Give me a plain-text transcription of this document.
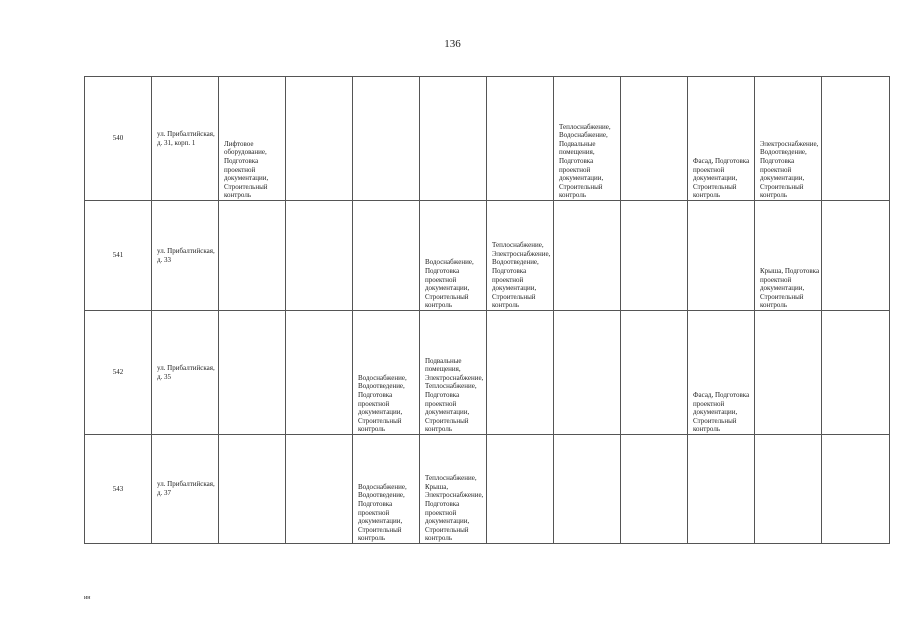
136
540	ул. Прибалтийская, д. 31, корп. 1	Лифтовое оборудование, Подготовка проектной документации, Строительный контроль					Теплоснабжение, Водоснабжение, Подвальные помещения, Подготовка проектной документации, Строительный контроль		Фасад, Подготовка проектной документации, Строительный контроль	Электроснабжение, Водоотведение, Подготовка проектной документации, Строительный контроль	
541	ул. Прибалтийская, д. 33				Водоснабжение, Подготовка проектной документации, Строительный контроль	Теплоснабжение, Электроснабжение, Водоотведение, Подготовка проектной документации, Строительный контроль				Крыша, Подготовка проектной документации, Строительный контроль	
542	ул. Прибалтийская, д. 35			Водоснабжение, Водоотведение, Подготовка проектной документации, Строительный контроль	Подвальные помещения, Электроснабжение, Теплоснабжение, Подготовка проектной документации, Строительный контроль				Фасад, Подготовка проектной документации, Строительный контроль		
543	ул. Прибалтийская, д. 37			Водоснабжение, Водоотведение, Подготовка проектной документации, Строительный контроль	Теплоснабжение, Крыша, Электроснабжение, Подготовка проектной документации, Строительный контроль						
ин
